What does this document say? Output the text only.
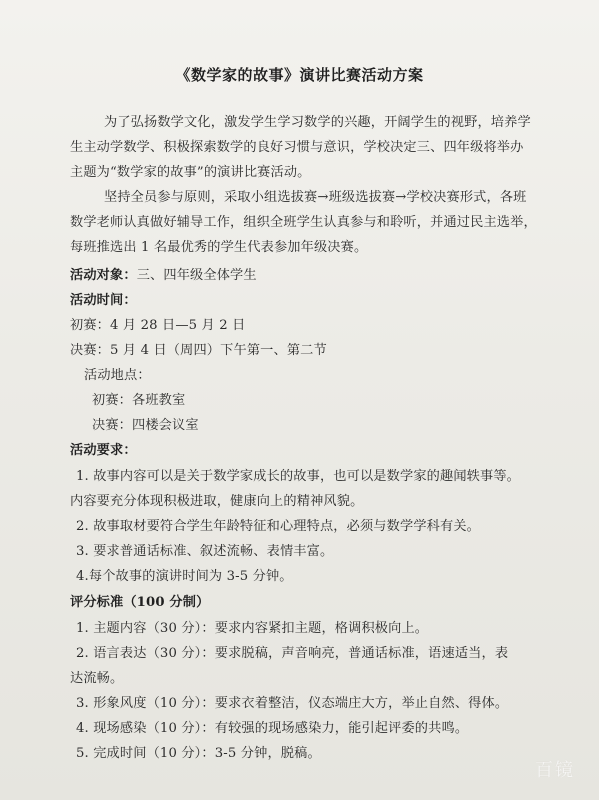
《数学家的故事》演讲比赛活动方案
为了弘扬数学文化，激发学生学习数学的兴趣，开阔学生的视野，培养学
生主动学数学、积极探索数学的良好习惯与意识，学校决定三、四年级将举办
主题为“数学家的故事”的演讲比赛活动。
坚持全员参与原则，采取小组选拔赛→班级选拔赛→学校决赛形式，各班
数学老师认真做好辅导工作，组织全班学生认真参与和聆听，并通过民主选举，
每班推选出 1 名最优秀的学生代表参加年级决赛。
活动对象：三、四年级全体学生
活动时间：
初赛：4 月 28 日—5 月 2 日
决赛：5 月 4 日（周四）下午第一、第二节
活动地点：
初赛：各班教室
决赛：四楼会议室
活动要求：
1. 故事内容可以是关于数学家成长的故事，也可以是数学家的趣闻轶事等。
内容要充分体现积极进取，健康向上的精神风貌。
2. 故事取材要符合学生年龄特征和心理特点，必须与数学学科有关。
3. 要求普通话标准、叙述流畅、表情丰富。
4.每个故事的演讲时间为 3-5 分钟。
评分标准（100 分制）
1. 主题内容（30 分）：要求内容紧扣主题，格调积极向上。
2. 语言表达（30 分）：要求脱稿，声音响亮，普通话标准，语速适当，表
达流畅。
3. 形象风度（10 分）：要求衣着整洁，仪态端庄大方，举止自然、得体。
4. 现场感染（10 分）：有较强的现场感染力，能引起评委的共鸣。
5. 完成时间（10 分）：3-5 分钟，脱稿。
百镜
